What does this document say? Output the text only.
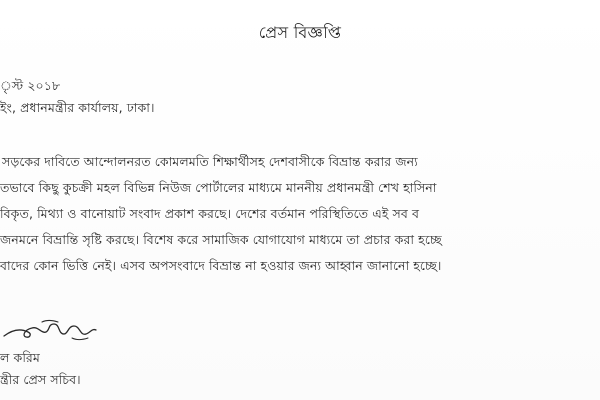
প্রেস বিজ্ঞপ্তি
ৃস্ট ২০১৮
ইং, প্রধানমন্ত্রীর কার্যালয়, ঢাকা।
সড়কের দাবিতে আন্দোলনরত কোমলমতি শিক্ষার্থীসহ দেশবাসীকে বিভ্রান্ত করার জন্য
তভাবে কিছু কুচক্রী মহল বিভিন্ন নিউজ পোর্টালের মাধ্যমে মাননীয় প্রধানমন্ত্রী শেখ হাসিনা
বিকৃত, মিথ্যা ও বানোয়াট সংবাদ প্রকাশ করছে। দেশের বর্তমান পরিস্থিতিতে এই সব ব
জনমনে বিভ্রান্তি সৃষ্টি করছে। বিশেষ করে সামাজিক যোগাযোগ মাধ্যমে তা প্রচার করা হচ্ছে
বাদের কোন ভিত্তি নেই। এসব অপসংবাদে বিভ্রান্ত না হওয়ার জন্য আহ্বান জানানো হচ্ছে।
ল করিম
ন্ত্রীর প্রেস সচিব।
